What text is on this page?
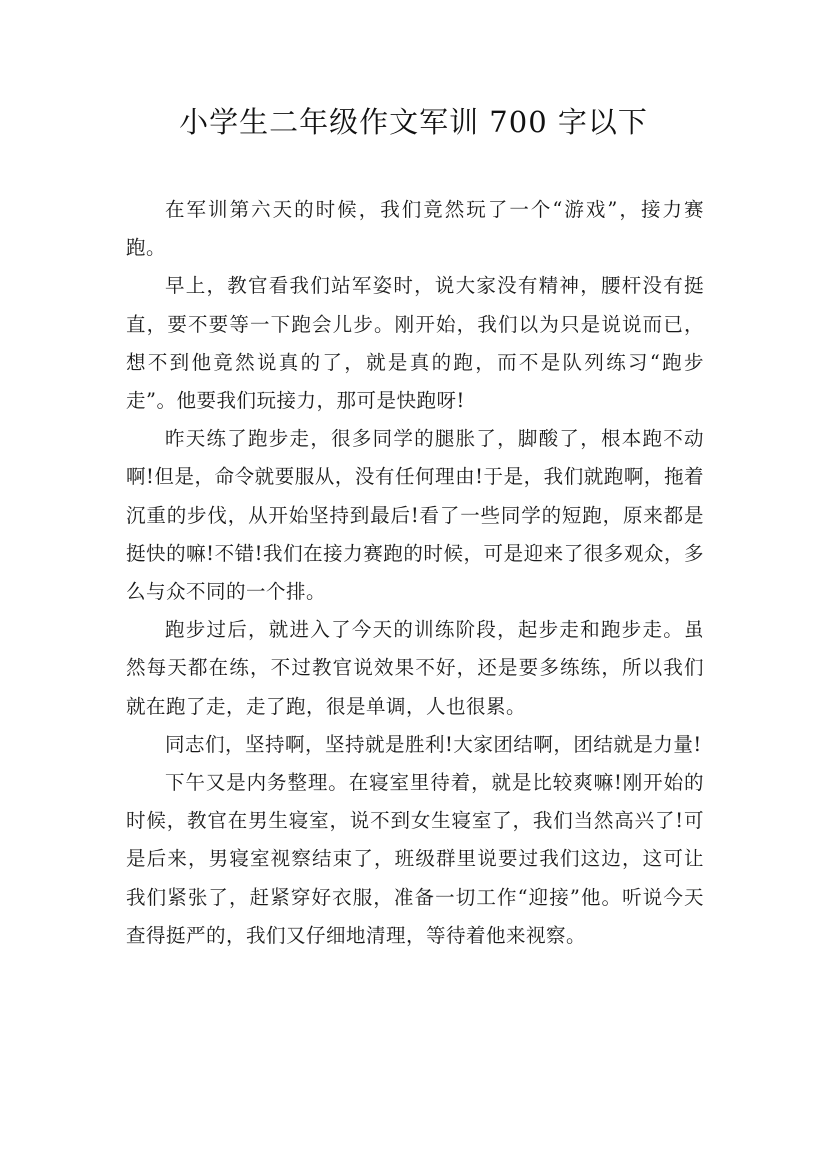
小学生二年级作文军训 700 字以下

在军训第六天的时候，我们竟然玩了一个“游戏”，接力赛跑。

早上，教官看我们站军姿时，说大家没有精神，腰杆没有挺直，要不要等一下跑会儿步。刚开始，我们以为只是说说而已，想不到他竟然说真的了，就是真的跑，而不是队列练习“跑步走”。他要我们玩接力，那可是快跑呀!

昨天练了跑步走，很多同学的腿胀了，脚酸了，根本跑不动啊!但是，命令就要服从，没有任何理由!于是，我们就跑啊，拖着沉重的步伐，从开始坚持到最后!看了一些同学的短跑，原来都是挺快的嘛!不错!我们在接力赛跑的时候，可是迎来了很多观众，多么与众不同的一个排。

跑步过后，就进入了今天的训练阶段，起步走和跑步走。虽然每天都在练，不过教官说效果不好，还是要多练练，所以我们就在跑了走，走了跑，很是单调，人也很累。

同志们，坚持啊，坚持就是胜利!大家团结啊，团结就是力量!

下午又是内务整理。在寝室里待着，就是比较爽嘛!刚开始的时候，教官在男生寝室，说不到女生寝室了，我们当然高兴了!可是后来，男寝室视察结束了，班级群里说要过我们这边，这可让我们紧张了，赶紧穿好衣服，准备一切工作“迎接”他。听说今天查得挺严的，我们又仔细地清理，等待着他来视察。
